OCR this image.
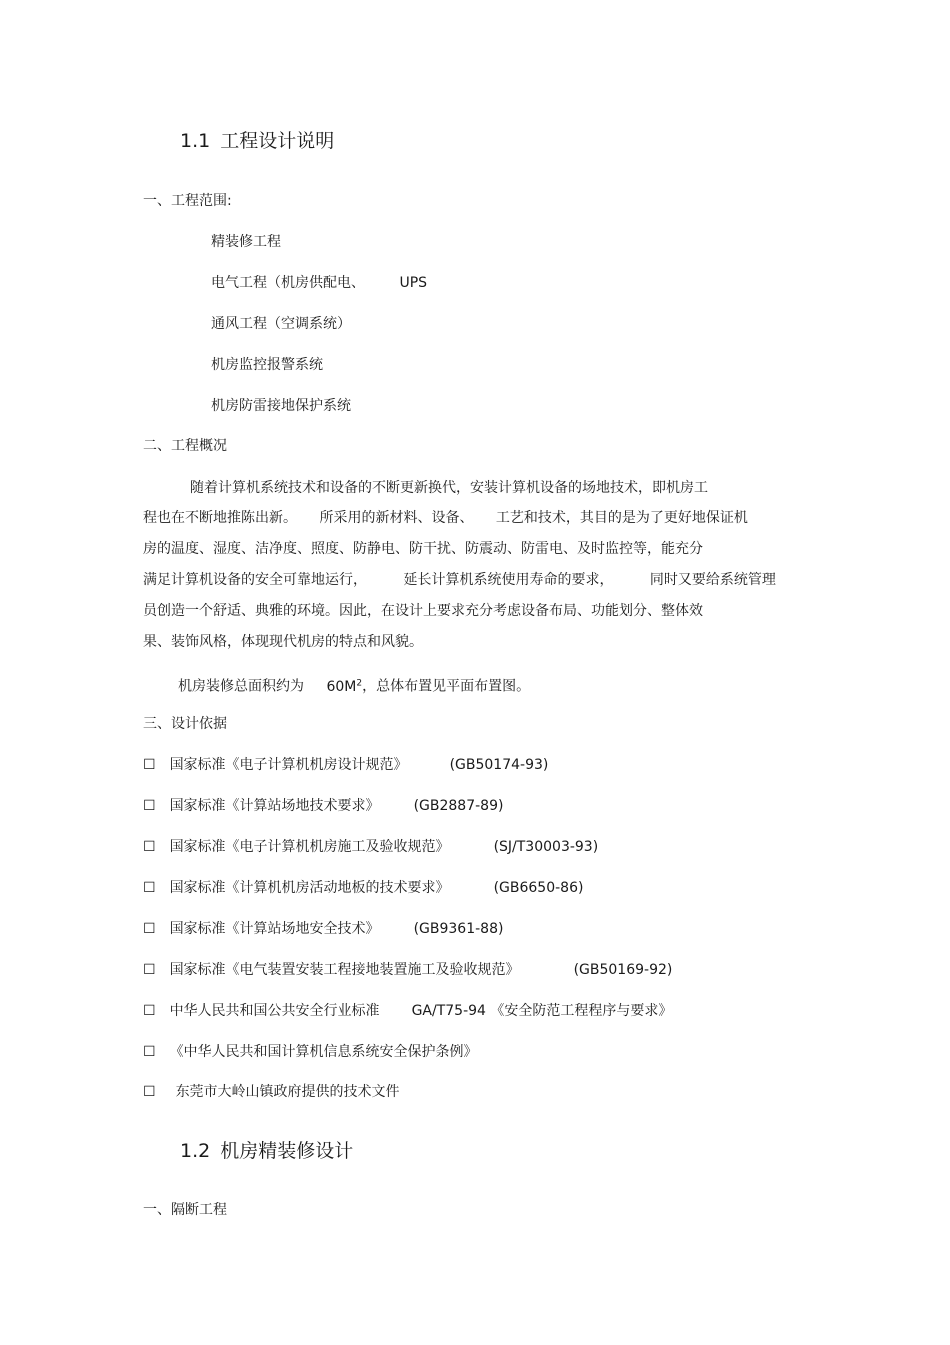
1.1 工程设计说明
一、工程范围:
精装修工程
电气工程（机房供配电、 UPS
通风工程（空调系统）
机房监控报警系统
机房防雷接地保护系统
二、工程概况
随着计算机系统技术和设备的不断更新换代，安装计算机设备的场地技术，即机房工
程也在不断地推陈出新。 所采用的新材料、设备、 工艺和技术，其目的是为了更好地保证机
房的温度、湿度、洁净度、照度、防静电、防干扰、防震动、防雷电、及时监控等，能充分
满足计算机设备的安全可靠地运行，	延长计算机系统使用寿命的要求，	同时又要给系统管理
员创造一个舒适、典雅的环境。因此，在设计上要求充分考虑设备布局、功能划分、整体效
果、装饰风格，体现现代机房的特点和风貌。
机房装修总面积约为 $60M^2$，总体布置见平面布置图。
三、设计依据
☐ 国家标准《电子计算机机房设计规范》	(GB50174-93)
☐ 国家标准《计算站场地技术要求》 (GB2887-89)
☐ 国家标准《电子计算机机房施工及验收规范》	(SJ/T30003-93)
☐ 国家标准《计算机机房活动地板的技术要求》	(GB6650-86)
☐ 国家标准《计算站场地安全技术》 (GB9361-88)
☐ 国家标准《电气装置安装工程接地装置施工及验收规范》	(GB50169-92)
☐ 中华人民共和国公共安全行业标准 GA/T75-94 《安全防范工程程序与要求》
☐ 《中华人民共和国计算机信息系统安全保护条例》
☐ 东莞市大岭山镇政府提供的技术文件
1.2 机房精装修设计
一、隔断工程
